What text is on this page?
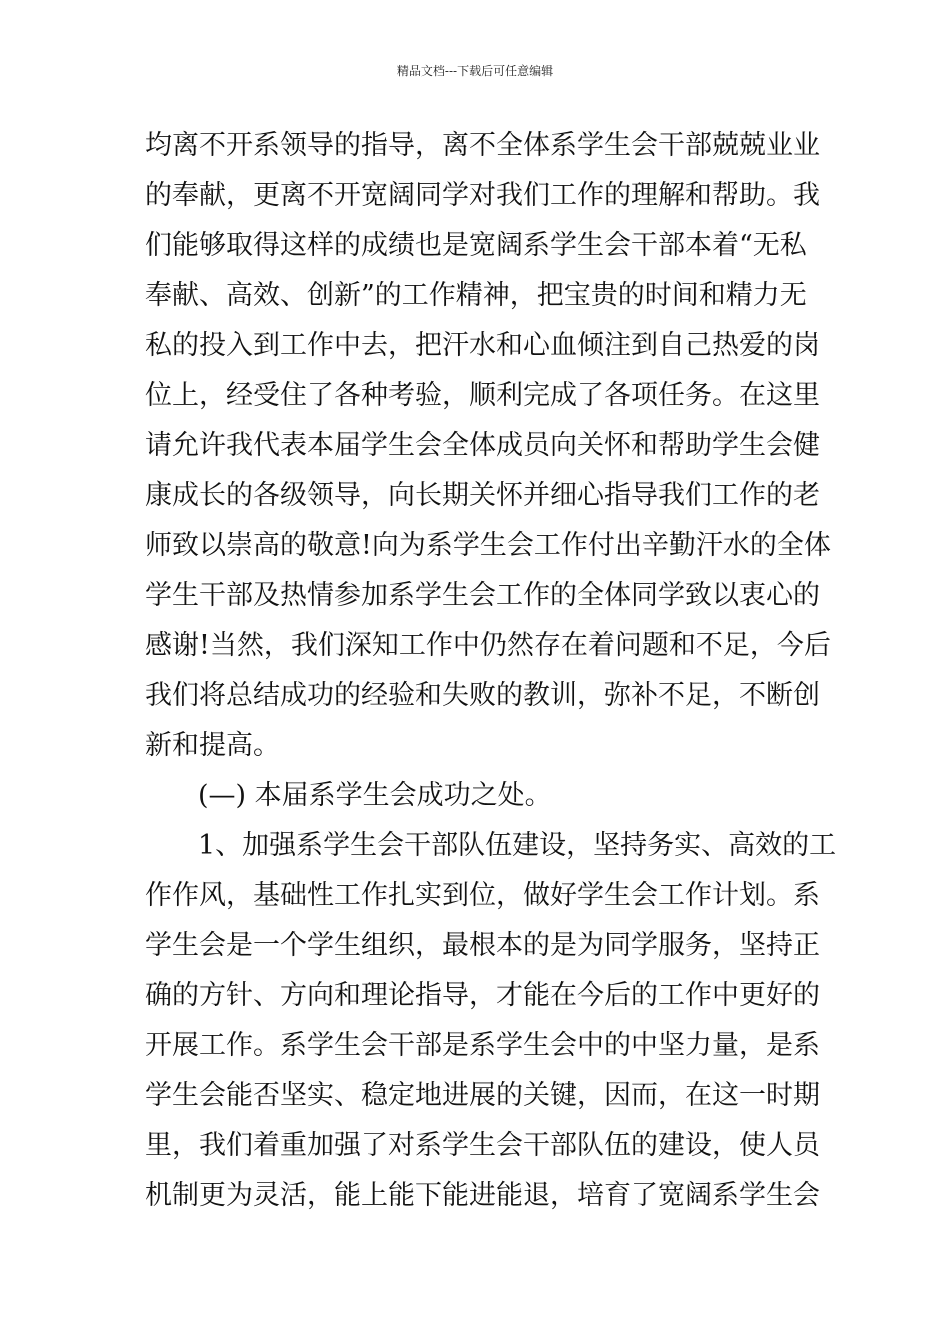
精品文档---下载后可任意编辑
均离不开系领导的指导，离不全体系学生会干部兢兢业业
的奉献，更离不开宽阔同学对我们工作的理解和帮助。我
们能够取得这样的成绩也是宽阔系学生会干部本着“无私
奉献、高效、创新”的工作精神，把宝贵的时间和精力无
私的投入到工作中去，把汗水和心血倾注到自己热爱的岗
位上，经受住了各种考验，顺利完成了各项任务。在这里
请允许我代表本届学生会全体成员向关怀和帮助学生会健
康成长的各级领导，向长期关怀并细心指导我们工作的老
师致以崇高的敬意!向为系学生会工作付出辛勤汗水的全体
学生干部及热情参加系学生会工作的全体同学致以衷心的
感谢!当然，我们深知工作中仍然存在着问题和不足，今后
我们将总结成功的经验和失败的教训，弥补不足，不断创
新和提高。
(—) 本届系学生会成功之处。
1、加强系学生会干部队伍建设，坚持务实、高效的工
作作风，基础性工作扎实到位，做好学生会工作计划。系
学生会是一个学生组织，最根本的是为同学服务，坚持正
确的方针、方向和理论指导，才能在今后的工作中更好的
开展工作。系学生会干部是系学生会中的中坚力量，是系
学生会能否坚实、稳定地进展的关键，因而，在这一时期
里，我们着重加强了对系学生会干部队伍的建设，使人员
机制更为灵活，能上能下能进能退，培育了宽阔系学生会
